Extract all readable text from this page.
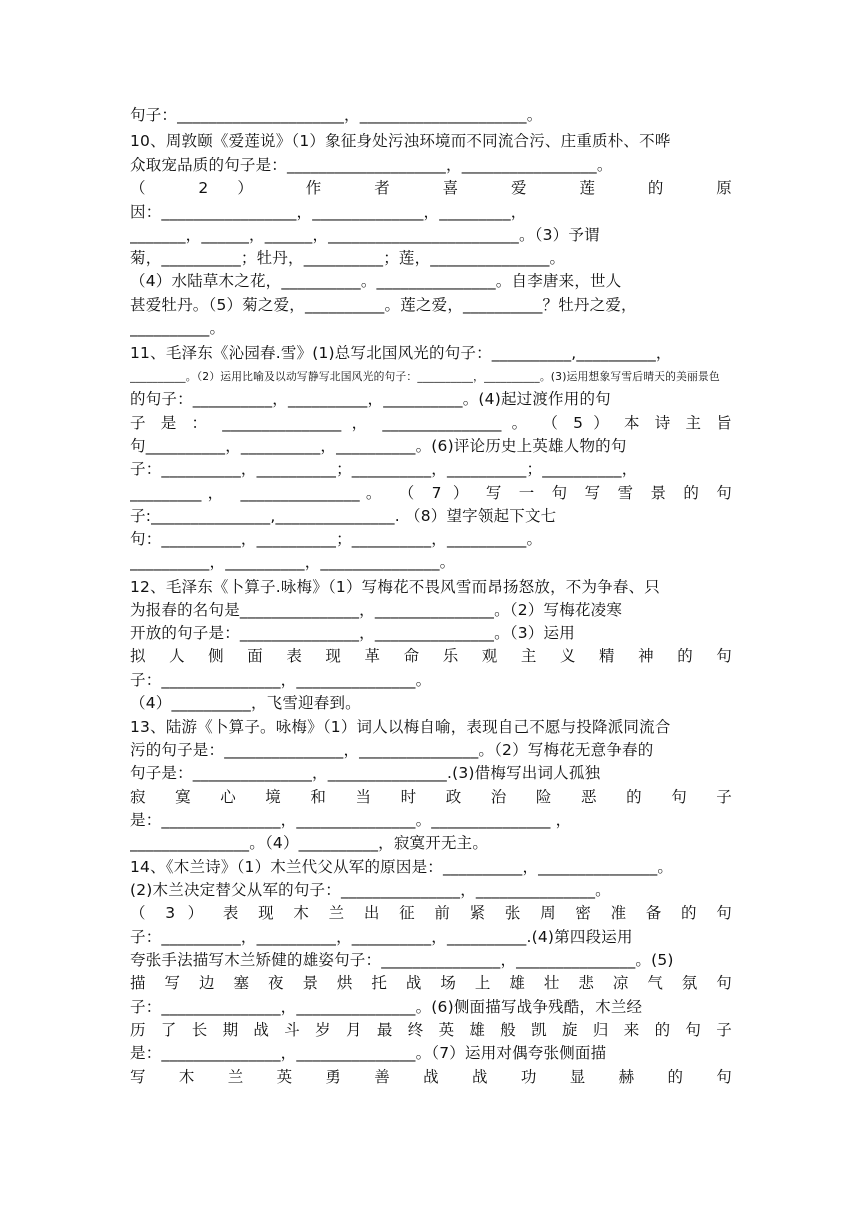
句子：_____________________，_____________________。
10、周敦颐《爱莲说》（1）象征身处污浊环境而不同流合污、庄重质朴、不哗
众取宠品质的句子是：____________________，_________________。
（ 2 ） 作 者 喜 爱 莲 的 原
因：_________________，______________，_________，
_______，______，______，________________________。（3）予谓
菊，__________；牡丹，__________；莲，_______________。
（4）水陆草木之花，__________。_______________。自李唐来，世人
甚爱牡丹。（5）菊之爱，__________。莲之爱，__________？牡丹之爱，
__________。
11、毛泽东《沁园春.雪》(1)总写北国风光的句子：__________,__________，
__________。（2）运用比喻及以动写静写北国风光的句子：__________，__________。(3)运用想象写雪后晴天的美丽景色
的句子：__________，__________，__________。(4)起过渡作用的句
子 是 ： _______________ ， _______________ 。 （ 5 ） 本 诗 主 旨
句__________，__________，__________。(6)评论历史上英雄人物的句
子：__________，__________；__________，__________；__________，
_________， _______________。 （ 7 ） 写 一 句 写 雪 景 的 句
子:_______________,_______________. （8）望字领起下文七
句：__________，__________；__________，__________。
__________，__________，_______________。
12、毛泽东《卜算子.咏梅》（1）写梅花不畏风雪而昂扬怒放，不为争春、只
为报春的名句是_______________，_______________。（2）写梅花凌寒
开放的句子是：_______________，_______________。（3）运用
拟 人 侧 面 表 现 革 命 乐 观 主 义 精 神 的 句
子：_______________，_______________。
（4）__________，飞雪迎春到。
13、陆游《卜算子。咏梅》（1）词人以梅自喻，表现自己不愿与投降派同流合
污的句子是：_______________，_______________。（2）写梅花无意争春的
句子是：_______________，_______________.(3)借梅写出词人孤独
寂 寞 心 境 和 当 时 政 治 险 恶 的 句 子
是：_______________，_______________。_______________ ，
_______________。（4）__________，寂寞开无主。
14、《木兰诗》（1）木兰代父从军的原因是：__________，_______________。
(2)木兰决定替父从军的句子：_______________，_______________。
（ 3 ） 表 现 木 兰 出 征 前 紧 张 周 密 准 备 的 句
子：__________，__________，__________，__________.(4)第四段运用
夸张手法描写木兰矫健的雄姿句子：_______________，_______________。(5)
描 写 边 塞 夜 景 烘 托 战 场 上 雄 壮 悲 凉 气 氛 句
子：_______________，_______________。(6)侧面描写战争残酷，木兰经
历 了 长 期 战 斗 岁 月 最 终 英 雄 般 凯 旋 归 来 的 句 子
是：_______________，_______________。（7）运用对偶夸张侧面描
写 木 兰 英 勇 善 战 战 功 显 赫 的 句
